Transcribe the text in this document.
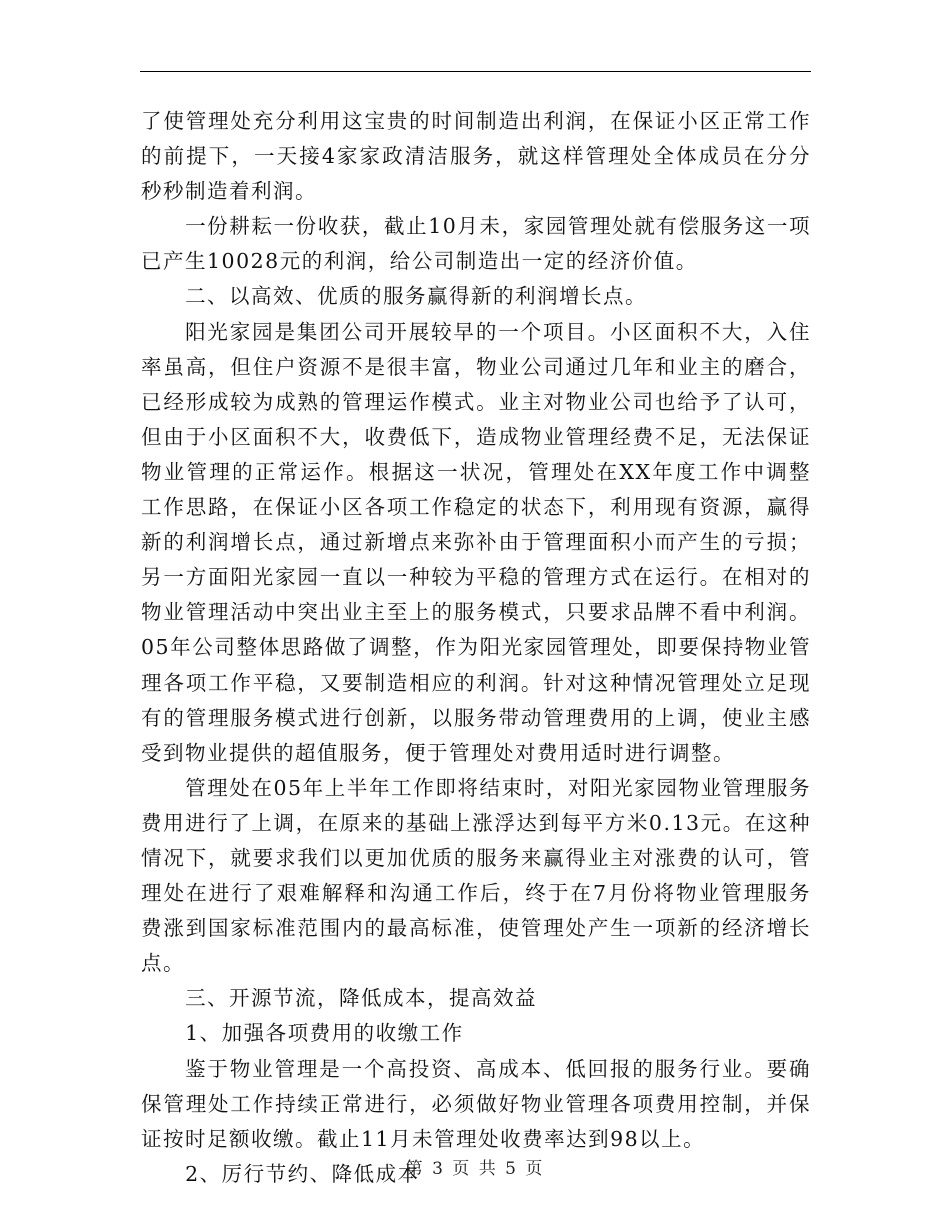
了使管理处充分利用这宝贵的时间制造出利润，在保证小区正常工作的前提下，一天接4家家政清洁服务，就这样管理处全体成员在分分秒秒制造着利润。

一份耕耘一份收获，截止10月未，家园管理处就有偿服务这一项已产生10028元的利润，给公司制造出一定的经济价值。

二、以高效、优质的服务赢得新的利润增长点。

阳光家园是集团公司开展较早的一个项目。小区面积不大，入住率虽高，但住户资源不是很丰富，物业公司通过几年和业主的磨合，已经形成较为成熟的管理运作模式。业主对物业公司也给予了认可，但由于小区面积不大，收费低下，造成物业管理经费不足，无法保证物业管理的正常运作。根据这一状况，管理处在XX年度工作中调整工作思路，在保证小区各项工作稳定的状态下，利用现有资源，赢得新的利润增长点，通过新增点来弥补由于管理面积小而产生的亏损；另一方面阳光家园一直以一种较为平稳的管理方式在运行。在相对的物业管理活动中突出业主至上的服务模式，只要求品牌不看中利润。05年公司整体思路做了调整，作为阳光家园管理处，即要保持物业管理各项工作平稳，又要制造相应的利润。针对这种情况管理处立足现有的管理服务模式进行创新，以服务带动管理费用的上调，使业主感受到物业提供的超值服务，便于管理处对费用适时进行调整。

管理处在05年上半年工作即将结束时，对阳光家园物业管理服务费用进行了上调，在原来的基础上涨浮达到每平方米0.13元。在这种情况下，就要求我们以更加优质的服务来赢得业主对涨费的认可，管理处在进行了艰难解释和沟通工作后，终于在7月份将物业管理服务费涨到国家标准范围内的最高标准，使管理处产生一项新的经济增长点。

三、开源节流，降低成本，提高效益

1、加强各项费用的收缴工作

鉴于物业管理是一个高投资、高成本、低回报的服务行业。要确保管理处工作持续正常进行，必须做好物业管理各项费用控制，并保证按时足额收缴。截止11月未管理处收费率达到98以上。

2、厉行节约、降低成本

第 3 页 共 5 页
